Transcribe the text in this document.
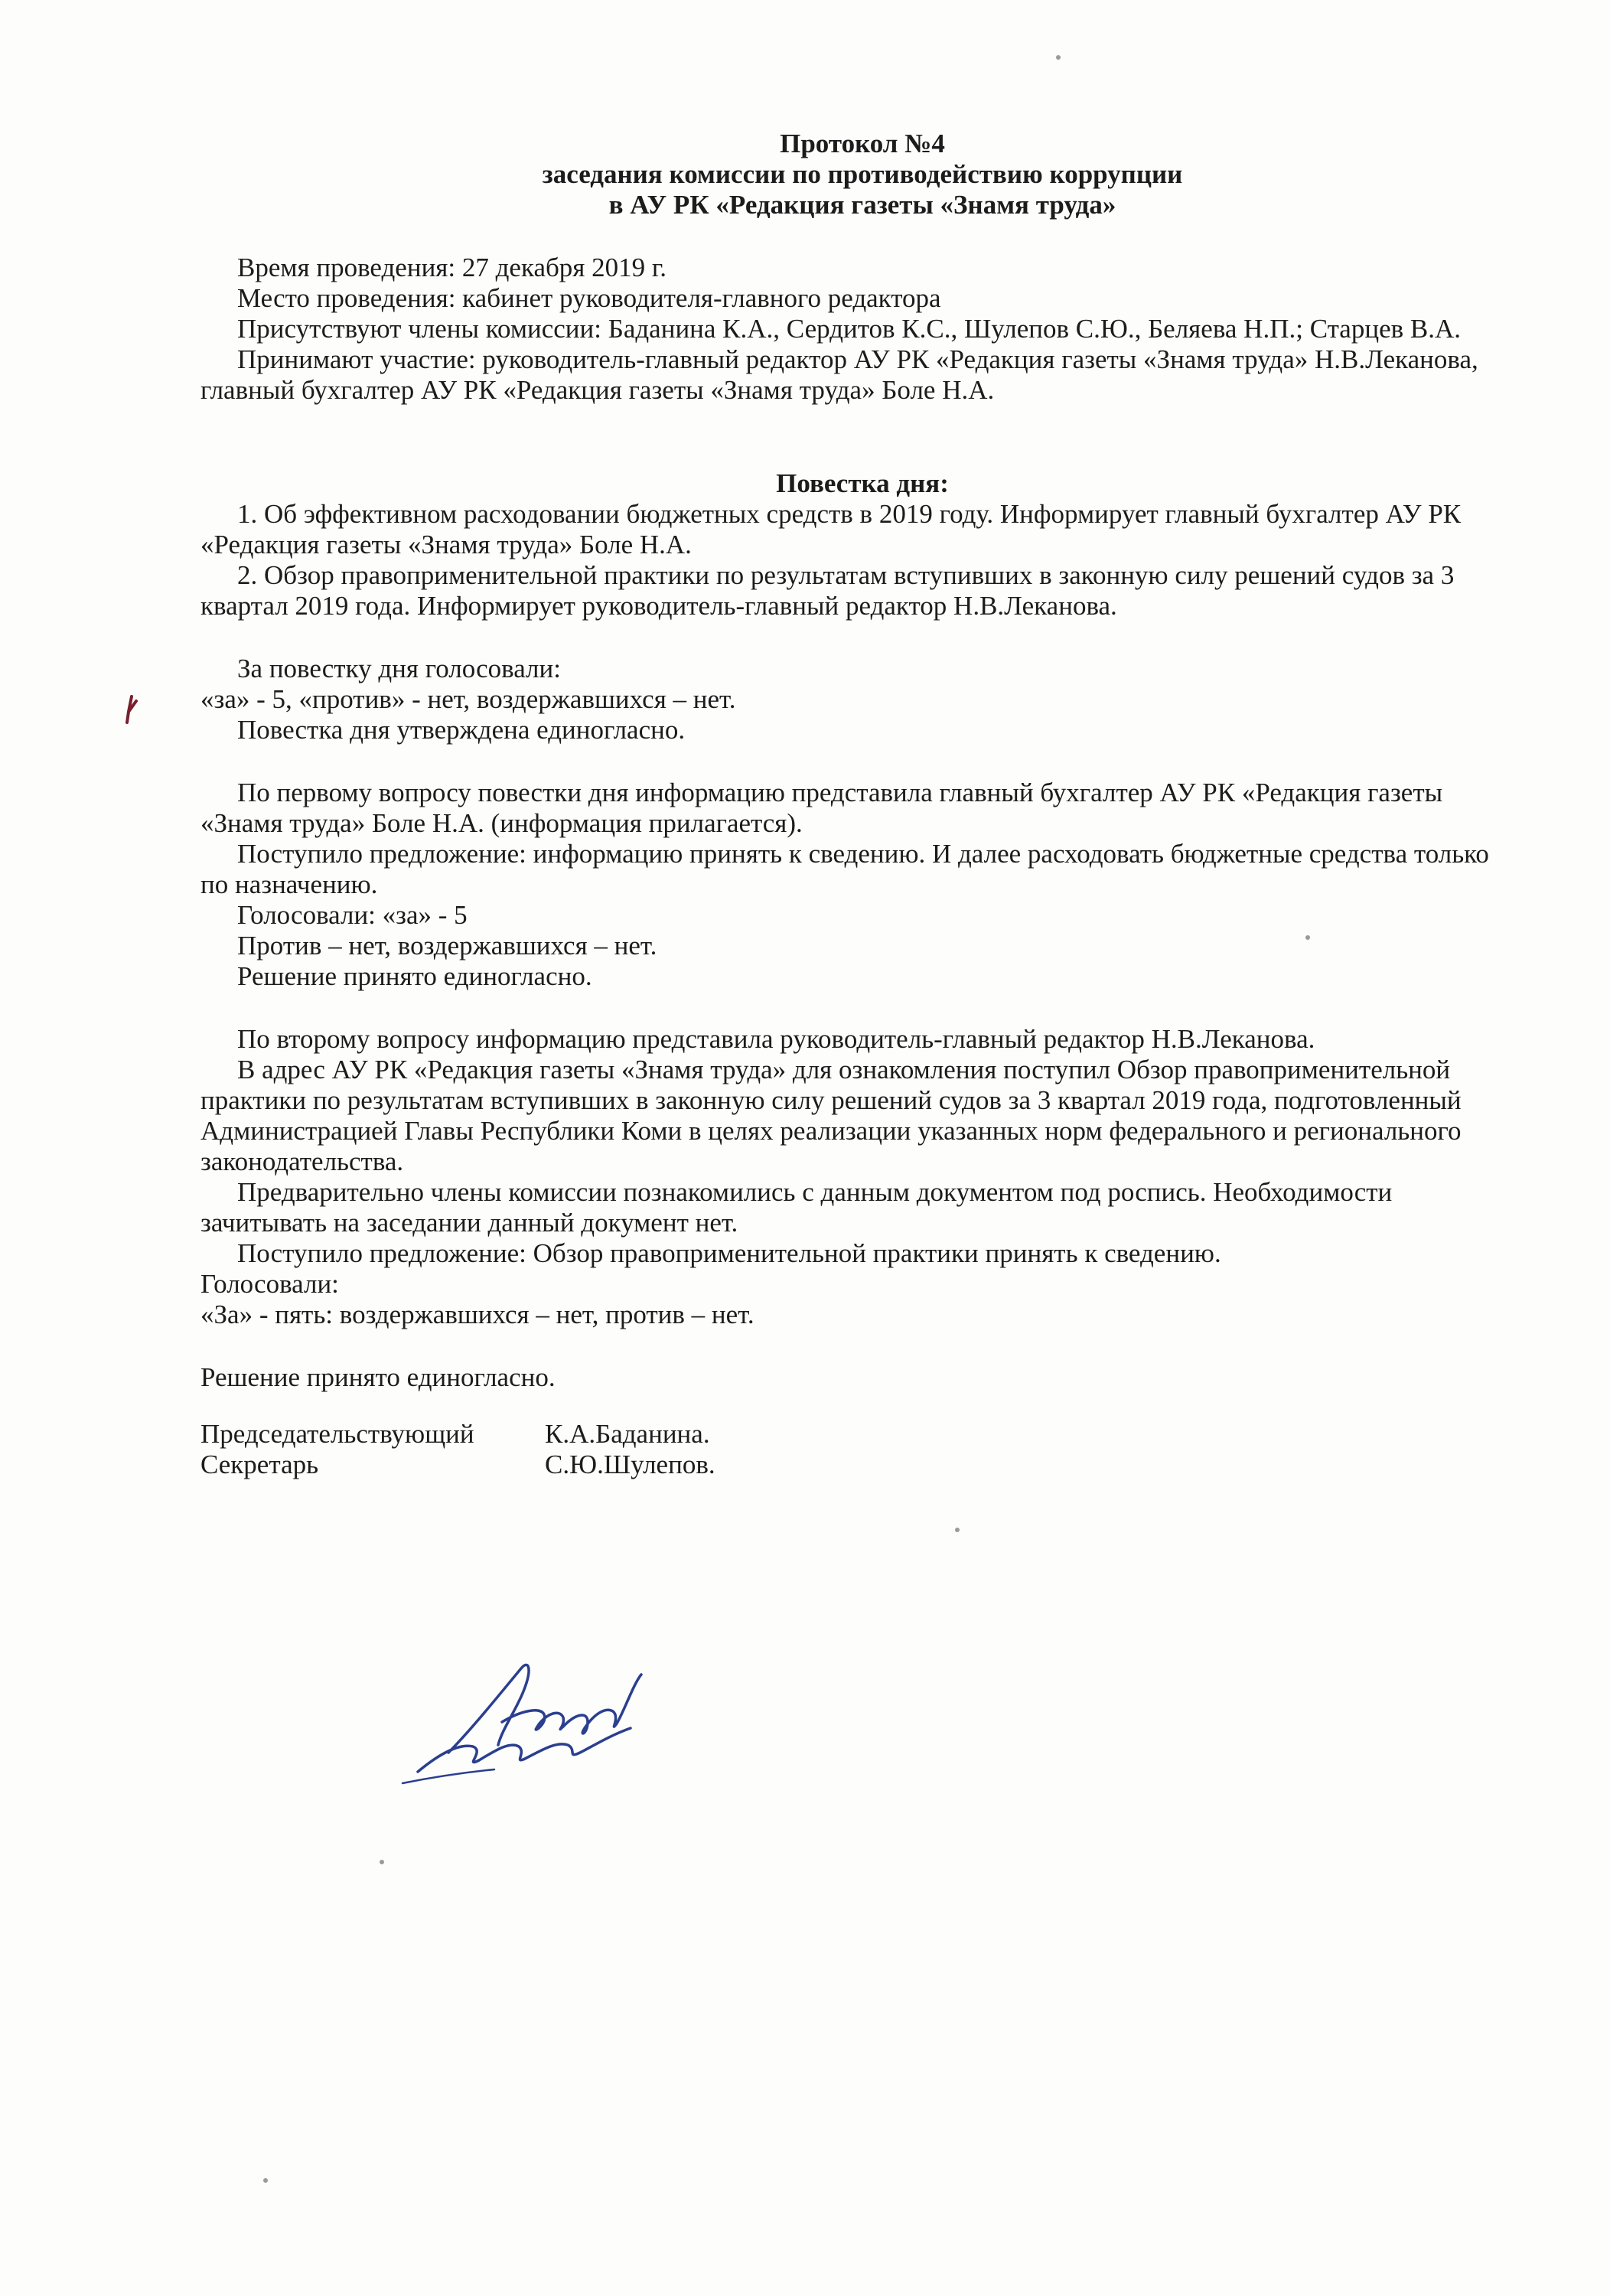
Протокол №4
заседания комиссии по противодействию коррупции
в АУ РК «Редакция газеты «Знамя труда»

Время проведения: 27 декабря 2019 г.

Место проведения: кабинет руководителя-главного редактора

Присутствуют члены комиссии: Баданина К.А., Сердитов К.С., Шулепов С.Ю., Беляева Н.П.; Старцев В.А.

Принимают участие: руководитель-главный редактор АУ РК «Редакция газеты «Знамя труда» Н.В.Леканова, главный бухгалтер АУ РК «Редакция газеты «Знамя труда» Боле Н.А.

Повестка дня:

1. Об эффективном расходовании бюджетных средств в 2019 году. Информирует главный бухгалтер АУ РК «Редакция газеты «Знамя труда» Боле Н.А.

2. Обзор правоприменительной практики по результатам вступивших в законную силу решений судов за 3 квартал 2019 года. Информирует руководитель-главный редактор Н.В.Леканова.

За повестку дня голосовали:

«за» - 5, «против» - нет, воздержавшихся – нет.

Повестка дня утверждена единогласно.

По первому вопросу повестки дня информацию представила главный бухгалтер АУ РК «Редакция газеты «Знамя труда» Боле Н.А. (информация прилагается).

Поступило предложение: информацию принять к сведению. И далее расходовать бюджетные средства только по назначению.

Голосовали: «за» - 5

Против – нет, воздержавшихся – нет.

Решение принято единогласно.

По второму вопросу информацию представила руководитель-главный редактор Н.В.Леканова.

В адрес АУ РК «Редакция газеты «Знамя труда» для ознакомления поступил Обзор правоприменительной практики по результатам вступивших в законную силу решений судов за 3 квартал 2019 года, подготовленный Администрацией Главы Республики Коми в целях реализации указанных норм федерального и регионального законодательства.

Предварительно члены комиссии познакомились с данным документом под роспись. Необходимости зачитывать на заседании данный документ нет.

Поступило предложение: Обзор правоприменительной практики принять к сведению.

Голосовали:

«За» - пять: воздержавшихся – нет, против – нет.

Решение принято единогласно.

Председательствующий	К.А.Баданина.
Секретарь	С.Ю.Шулепов.
